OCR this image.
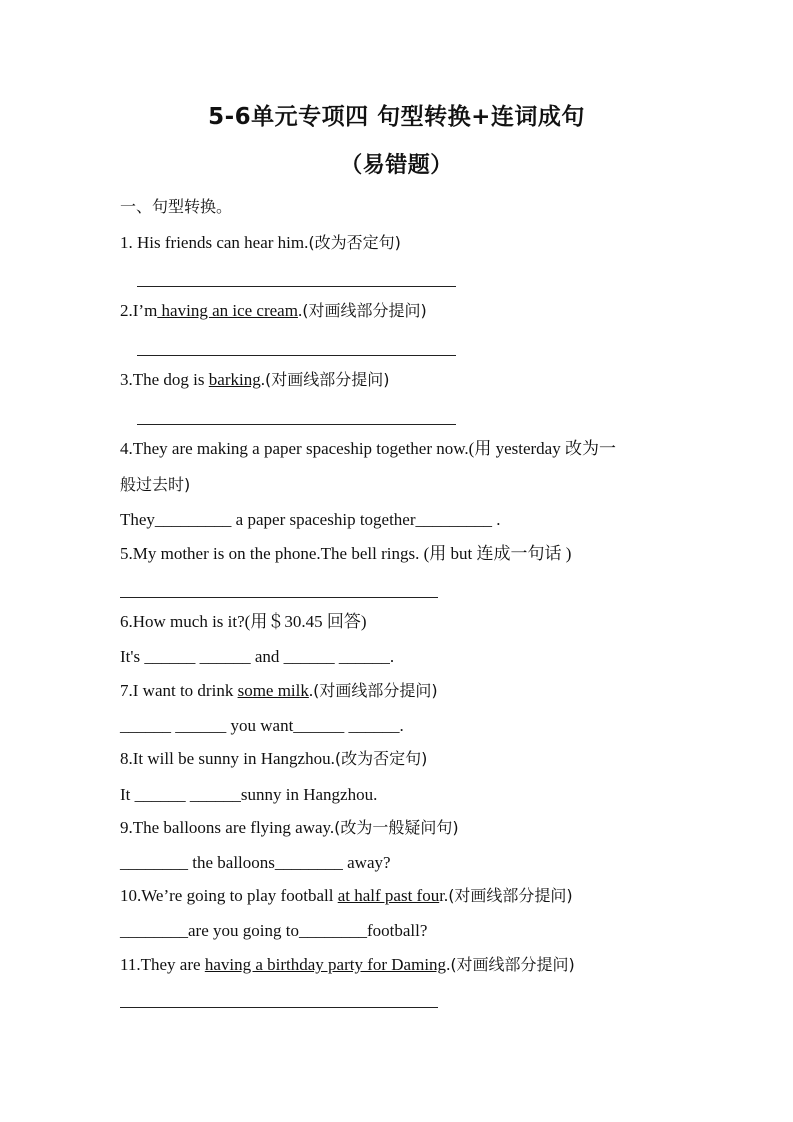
5-6单元专项四 句型转换+连词成句
（易错题）
一、句型转换。
1. His friends can hear him.(改为否定句)
2.I’m having an ice cream.(对画线部分提问)
3.The dog is barking.(对画线部分提问)
4.They are making a paper spaceship together now.(用 yesterday 改为一
般过去时)
They_________ a paper spaceship together_________ .
5.My mother is on the phone.The bell rings. (用 but 连成一句话 )
6.How much is it?(用＄30.45 回答)
It's ______ ______ and ______ ______.
7.I want to drink some milk.(对画线部分提问)
______ ______ you want______ ______.
8.It will be sunny in Hangzhou.(改为否定句)
It ______ ______sunny in Hangzhou.
9.The balloons are flying away.(改为一般疑问句)
________ the balloons________ away?
10.We’re going to play football at half past four.(对画线部分提问)
________are you going to________football?
11.They are having a birthday party for Daming.(对画线部分提问)
